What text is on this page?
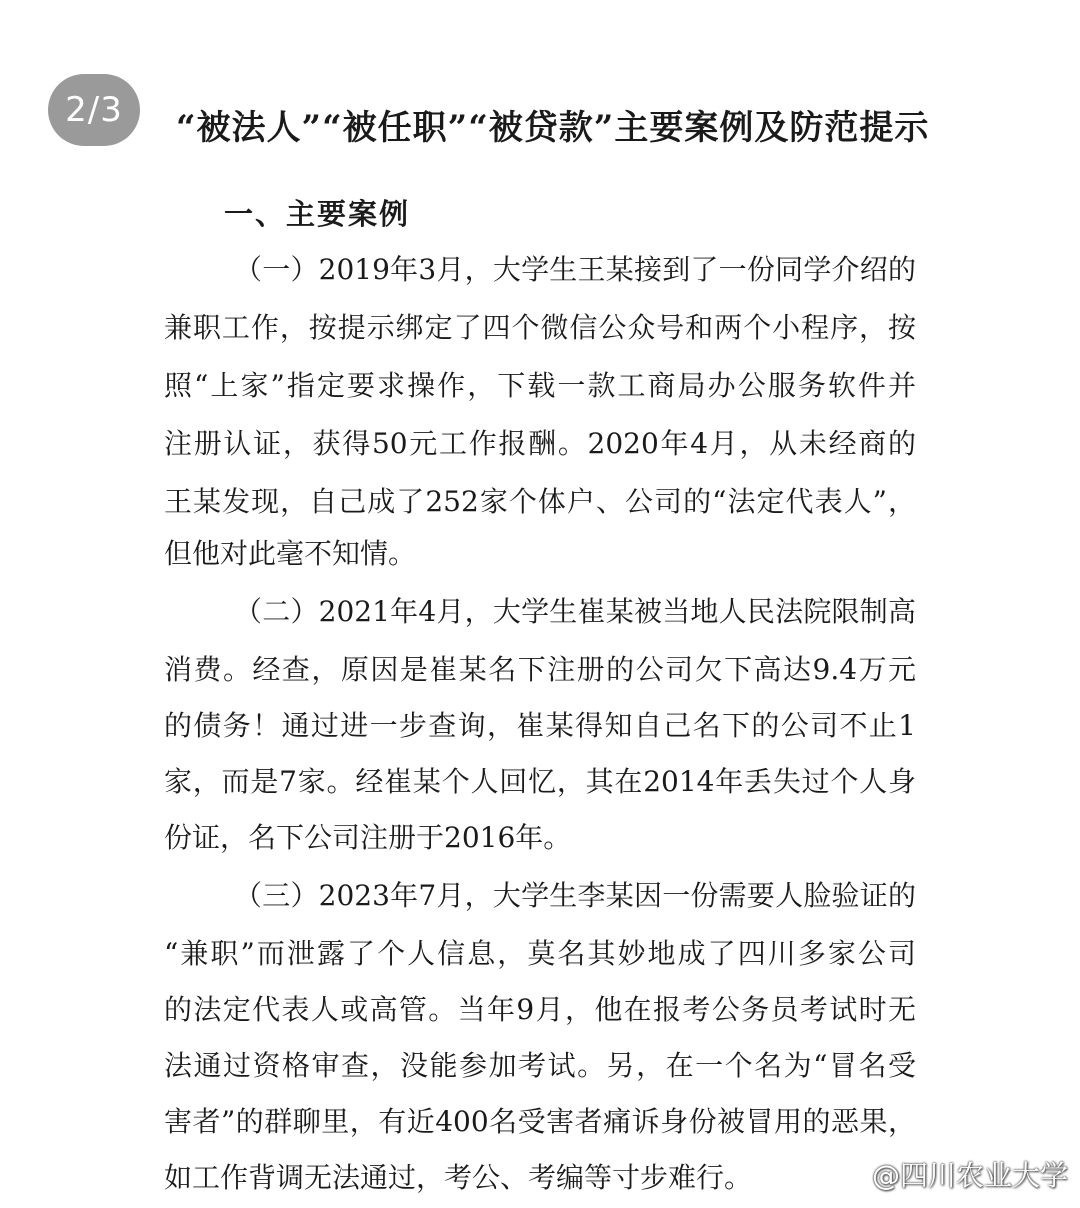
2/3	“被法人”“被任职”“被贷款”主要案例及防范提示
一、主要案例
（一）2019年3月，大学生王某接到了一份同学介绍的
兼职工作，按提示绑定了四个微信公众号和两个小程序，按
照“上家”指定要求操作，下载一款工商局办公服务软件并
注册认证，获得50元工作报酬。2020年4月，从未经商的
王某发现，自己成了252家个体户、公司的“法定代表人”，
但他对此毫不知情。
（二）2021年4月，大学生崔某被当地人民法院限制高
消费。经查，原因是崔某名下注册的公司欠下高达9.4万元
的债务！通过进一步查询，崔某得知自己名下的公司不止1
家，而是7家。经崔某个人回忆，其在2014年丢失过个人身
份证，名下公司注册于2016年。
（三）2023年7月，大学生李某因一份需要人脸验证的
“兼职”而泄露了个人信息，莫名其妙地成了四川多家公司
的法定代表人或高管。当年9月，他在报考公务员考试时无
法通过资格审查，没能参加考试。另，在一个名为“冒名受
害者”的群聊里，有近400名受害者痛诉身份被冒用的恶果，
如工作背调无法通过，考公、考编等寸步难行。	@四川农业大学
